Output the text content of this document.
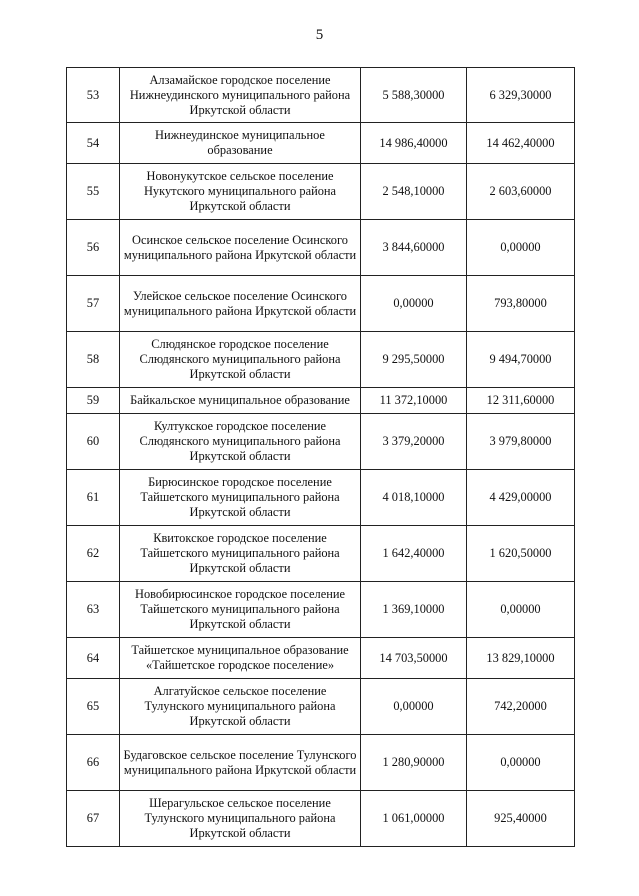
5
53	Алзамайское городское поселение Нижнеудинского муниципального района Иркутской области	5 588,30000	6 329,30000
54	Нижнеудинское муниципальное образование	14 986,40000	14 462,40000
55	Новонукутское сельское поселение Нукутского муниципального района Иркутской области	2 548,10000	2 603,60000
56	Осинское сельское поселение Осинского муниципального района Иркутской области	3 844,60000	0,00000
57	Улейское сельское поселение Осинского муниципального района Иркутской области	0,00000	793,80000
58	Слюдянское городское поселение Слюдянского муниципального района Иркутской области	9 295,50000	9 494,70000
59	Байкальское муниципальное образование	11 372,10000	12 311,60000
60	Култукское городское поселение Слюдянского муниципального района Иркутской области	3 379,20000	3 979,80000
61	Бирюсинское городское поселение Тайшетского муниципального района Иркутской области	4 018,10000	4 429,00000
62	Квитокское городское поселение Тайшетского муниципального района Иркутской области	1 642,40000	1 620,50000
63	Новобирюсинское городское поселение Тайшетского муниципального района Иркутской области	1 369,10000	0,00000
64	Тайшетское муниципальное образование «Тайшетское городское поселение»	14 703,50000	13 829,10000
65	Алгатуйское сельское поселение Тулунского муниципального района Иркутской области	0,00000	742,20000
66	Будаговское сельское поселение Тулунского муниципального района Иркутской области	1 280,90000	0,00000
67	Шерагульское сельское поселение Тулунского муниципального района Иркутской области	1 061,00000	925,40000
